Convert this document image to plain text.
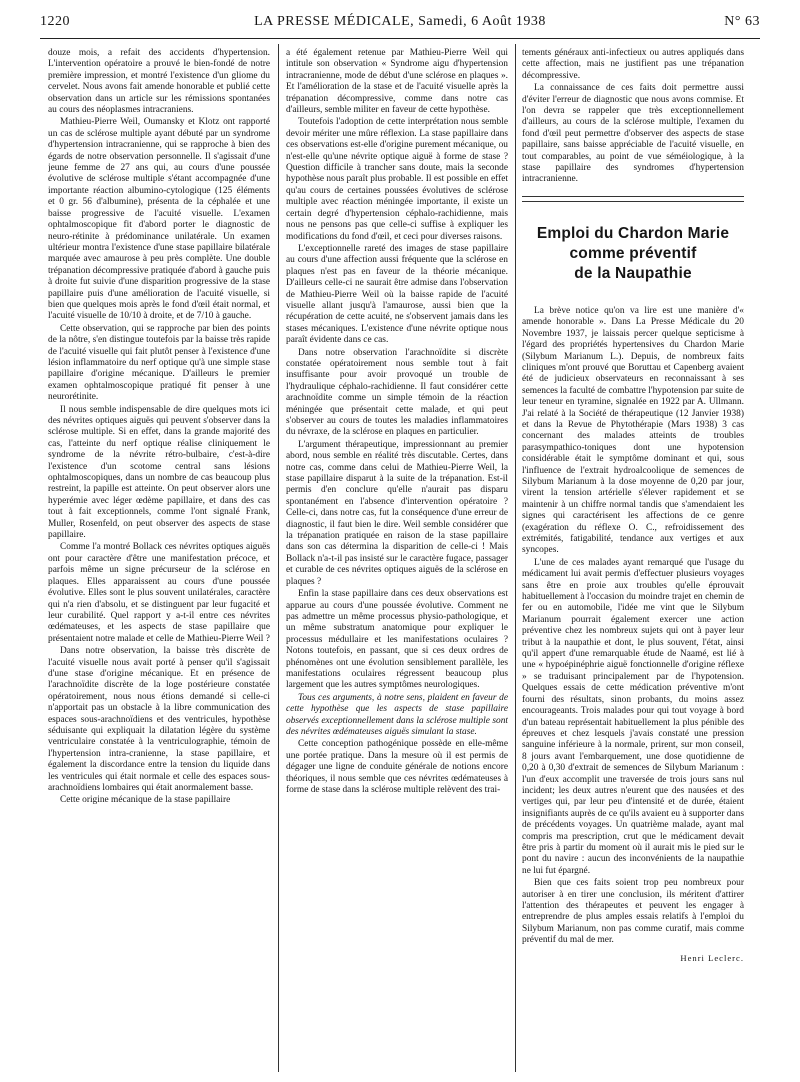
1220	LA PRESSE MÉDICALE, Samedi, 6 Août 1938	N° 63

douze mois, a refait des accidents d'hypertension. L'intervention opératoire a prouvé le bien-fondé de notre première impression, et montré l'existence d'un gliome du cervelet. Nous avons fait amende honorable et publié cette observation dans un article sur les rémissions spontanées au cours des néoplasmes intracraniens.

Mathieu-Pierre Weil, Oumansky et Klotz ont rapporté un cas de sclérose multiple ayant débuté par un syndrome d'hypertension intracranienne, qui se rapproche à bien des égards de notre observation personnelle. Il s'agissait d'une jeune femme de 27 ans qui, au cours d'une poussée évolutive de sclérose multiple s'étant accompagnée d'une importante réaction albumino-cytologique (125 éléments et 0 gr. 56 d'albumine), présenta de la céphalée et une baisse progressive de l'acuité visuelle. L'examen ophtalmoscopique fit d'abord porter le diagnostic de neuro-rétinite à prédominance unilatérale. Un examen ultérieur montra l'existence d'une stase papillaire bilatérale marquée avec amaurose à peu près complète. Une double trépanation décompressive pratiquée d'abord à gauche puis à droite fut suivie d'une disparition progressive de la stase papillaire puis d'une amélioration de l'acuité visuelle, si bien que quelques mois après le fond d'œil était normal, et l'acuité visuelle de 10/10 à droite, et de 7/10 à gauche.

Cette observation, qui se rapproche par bien des points de la nôtre, s'en distingue toutefois par la baisse très rapide de l'acuité visuelle qui fait plutôt penser à l'existence d'une lésion inflammatoire du nerf optique qu'à une simple stase papillaire d'origine mécanique. D'ailleurs le premier examen ophtalmoscopique pratiqué fit penser à une neurorétinite.

Il nous semble indispensable de dire quelques mots ici des névrites optiques aiguës qui peuvent s'observer dans la sclérose multiple. Si en effet, dans la grande majorité des cas, l'atteinte du nerf optique réalise cliniquement le syndrome de la névrite rétro-bulbaire, c'est-à-dire l'existence d'un scotome central sans lésions ophtalmoscopiques, dans un nombre de cas beaucoup plus restreint, la papille est atteinte. On peut observer alors une hyperémie avec léger œdème papillaire, et dans des cas tout à fait exceptionnels, comme l'ont signalé Frank, Muller, Rosenfeld, on peut observer des aspects de stase papillaire.

Comme l'a montré Bollack ces névrites optiques aiguës ont pour caractère d'être une manifestation précoce, et parfois même un signe précurseur de la sclérose en plaques. Elles apparaissent au cours d'une poussée évolutive. Elles sont le plus souvent unilatérales, caractère qui n'a rien d'absolu, et se distinguent par leur fugacité et leur curabilité. Quel rapport y a-t-il entre ces névrites œdémateuses, et les aspects de stase papillaire que présentaient notre malade et celle de Mathieu-Pierre Weil ?

Dans notre observation, la baisse très discrète de l'acuité visuelle nous avait porté à penser qu'il s'agissait d'une stase d'origine mécanique. Et en présence de l'arachnoïdite discrète de la loge postérieure constatée opératoirement, nous nous étions demandé si celle-ci n'apportait pas un obstacle à la libre communication des espaces sous-arachnoïdiens et des ventricules, hypothèse séduisante qui expliquait la dilatation légère du système ventriculaire constatée à la ventriculographie, témoin de l'hypertension intra-cranienne, la stase papillaire, et également la discordance entre la tension du liquide dans les ventricules qui était normale et celle des espaces sous-arachnoïdiens lombaires qui était anormalement basse.

Cette origine mécanique de la stase papillaire

a été également retenue par Mathieu-Pierre Weil qui intitule son observation « Syndrome aigu d'hypertension intracranienne, mode de début d'une sclérose en plaques ». Et l'amélioration de la stase et de l'acuité visuelle après la trépanation décompressive, comme dans notre cas d'ailleurs, semble militer en faveur de cette hypothèse.

Toutefois l'adoption de cette interprétation nous semble devoir mériter une mûre réflexion. La stase papillaire dans ces observations est-elle d'origine purement mécanique, ou n'est-elle qu'une névrite optique aiguë à forme de stase ? Question difficile à trancher sans doute, mais la seconde hypothèse nous paraît plus probable. Il est possible en effet qu'au cours de certaines poussées évolutives de sclérose multiple avec réaction méningée importante, il existe un certain degré d'hypertension céphalo-rachidienne, mais nous ne pensons pas que celle-ci suffise à expliquer les modifications du fond d'œil, et ceci pour diverses raisons.

L'exceptionnelle rareté des images de stase papillaire au cours d'une affection aussi fréquente que la sclérose en plaques n'est pas en faveur de la théorie mécanique. D'ailleurs celle-ci ne saurait être admise dans l'observation de Mathieu-Pierre Weil où la baisse rapide de l'acuité visuelle allant jusqu'à l'amaurose, aussi bien que la récupération de cette acuité, ne s'observent jamais dans les stases mécaniques. L'existence d'une névrite optique nous paraît évidente dans ce cas.

Dans notre observation l'arachnoïdite si discrète constatée opératoirement nous semble tout à fait insuffisante pour avoir provoqué un trouble de l'hydraulique céphalo-rachidienne. Il faut considérer cette arachnoïdite comme un simple témoin de la réaction méningée que présentait cette malade, et qui peut s'observer au cours de toutes les maladies inflammatoires du névraxe, de la sclérose en plaques en particulier.

L'argument thérapeutique, impressionnant au premier abord, nous semble en réalité très discutable. Certes, dans notre cas, comme dans celui de Mathieu-Pierre Weil, la stase papillaire disparut à la suite de la trépanation. Est-il permis d'en conclure qu'elle n'aurait pas disparu spontanément en l'absence d'intervention opératoire ? Celle-ci, dans notre cas, fut la conséquence d'une erreur de diagnostic, il faut bien le dire. Weil semble considérer que la trépanation pratiquée en raison de la stase papillaire dans son cas détermina la disparition de celle-ci ! Mais Bollack n'a-t-il pas insisté sur le caractère fugace, passager et curable de ces névrites optiques aiguës de la sclérose en plaques ?

Enfin la stase papillaire dans ces deux observations est apparue au cours d'une poussée évolutive. Comment ne pas admettre un même processus physio-pathologique, et un même substratum anatomique pour expliquer le processus médullaire et les manifestations oculaires ? Notons toutefois, en passant, que si ces deux ordres de phénomènes ont une évolution sensiblement parallèle, les manifestations oculaires régressent beaucoup plus largement que les autres symptômes neurologiques.

Tous ces arguments, à notre sens, plaident en faveur de cette hypothèse que les aspects de stase papillaire observés exceptionnellement dans la sclérose multiple sont des névrites œdémateuses aiguës simulant la stase.

Cette conception pathogénique possède en elle-même une portée pratique. Dans la mesure où il est permis de dégager une ligne de conduite générale de notions encore théoriques, il nous semble que ces névrites œdémateuses à forme de stase dans la sclérose multiple relèvent des trai-

tements généraux anti-infectieux ou autres appliqués dans cette affection, mais ne justifient pas une trépanation décompressive.

La connaissance de ces faits doit permettre aussi d'éviter l'erreur de diagnostic que nous avons commise. Et l'on devra se rappeler que très exceptionnellement d'ailleurs, au cours de la sclérose multiple, l'examen du fond d'œil peut permettre d'observer des aspects de stase papillaire, sans baisse appréciable de l'acuité visuelle, en tout comparables, au point de vue séméiologique, à la stase papillaire des syndromes d'hypertension intracranienne.

Emploi du Chardon Marie
comme préventif
de la Naupathie

La brève notice qu'on va lire est une manière d'« amende honorable ». Dans La Presse Médicale du 20 Novembre 1937, je laissais percer quelque septicisme à l'égard des propriétés hypertensives du Chardon Marie (Silybum Marianum L.). Depuis, de nombreux faits cliniques m'ont prouvé que Boruttau et Capenberg avaient été de judicieux observateurs en reconnaissant à ses semences la faculté de combattre l'hypotension par suite de leur teneur en tyramine, signalée en 1922 par A. Ullmann. J'ai relaté à la Société de thérapeutique (12 Janvier 1938) et dans la Revue de Phytothérapie (Mars 1938) 3 cas concernant des malades atteints de troubles parasympathico-toniques dont une hypotension considérable était le symptôme dominant et qui, sous l'influence de l'extrait hydroalcoolique de semences de Silybum Marianum à la dose moyenne de 0,20 par jour, virent la tension artérielle s'élever rapidement et se maintenir à un chiffre normal tandis que s'amendaient les signes qui caractérisent les affections de ce genre (exagération du réflexe O. C., refroidissement des extrémités, fatigabilité, tendance aux vertiges et aux syncopes.

L'une de ces malades ayant remarqué que l'usage du médicament lui avait permis d'effectuer plusieurs voyages sans être en proie aux troubles qu'elle éprouvait habituellement à l'occasion du moindre trajet en chemin de fer ou en automobile, l'idée me vint que le Silybum Marianum pourrait également exercer une action préventive chez les nombreux sujets qui ont à payer leur tribut à la naupathie et dont, le plus souvent, l'état, ainsi qu'il appert d'une remarquable étude de Naamé, est lié à une « hypoépinéphrie aiguë fonctionnelle d'origine réflexe » se traduisant principalement par de l'hypotension. Quelques essais de cette médication préventive m'ont fourni des résultats, sinon probants, du moins assez encourageants. Trois malades pour qui tout voyage à bord d'un bateau représentait habituellement la plus pénible des épreuves et chez lesquels j'avais constaté une pression sanguine inférieure à la normale, prirent, sur mon conseil, 8 jours avant l'embarquement, une dose quotidienne de 0,20 à 0,30 d'extrait de semences de Silybum Marianum : l'un d'eux accomplit une traversée de trois jours sans nul incident; les deux autres n'eurent que des nausées et des vertiges qui, par leur peu d'intensité et de durée, étaient insignifiants auprès de ce qu'ils avaient eu à supporter dans de précédents voyages. Un quatrième malade, ayant mal compris ma prescription, crut que le médicament devait être pris à partir du moment où il aurait mis le pied sur le pont du navire : aucun des inconvénients de la naupathie ne lui fut épargné.

Bien que ces faits soient trop peu nombreux pour autoriser à en tirer une conclusion, ils méritent d'attirer l'attention des thérapeutes et peuvent les engager à entreprendre de plus amples essais relatifs à l'emploi du Silybum Marianum, non pas comme curatif, mais comme préventif du mal de mer.

Henri Leclerc.
